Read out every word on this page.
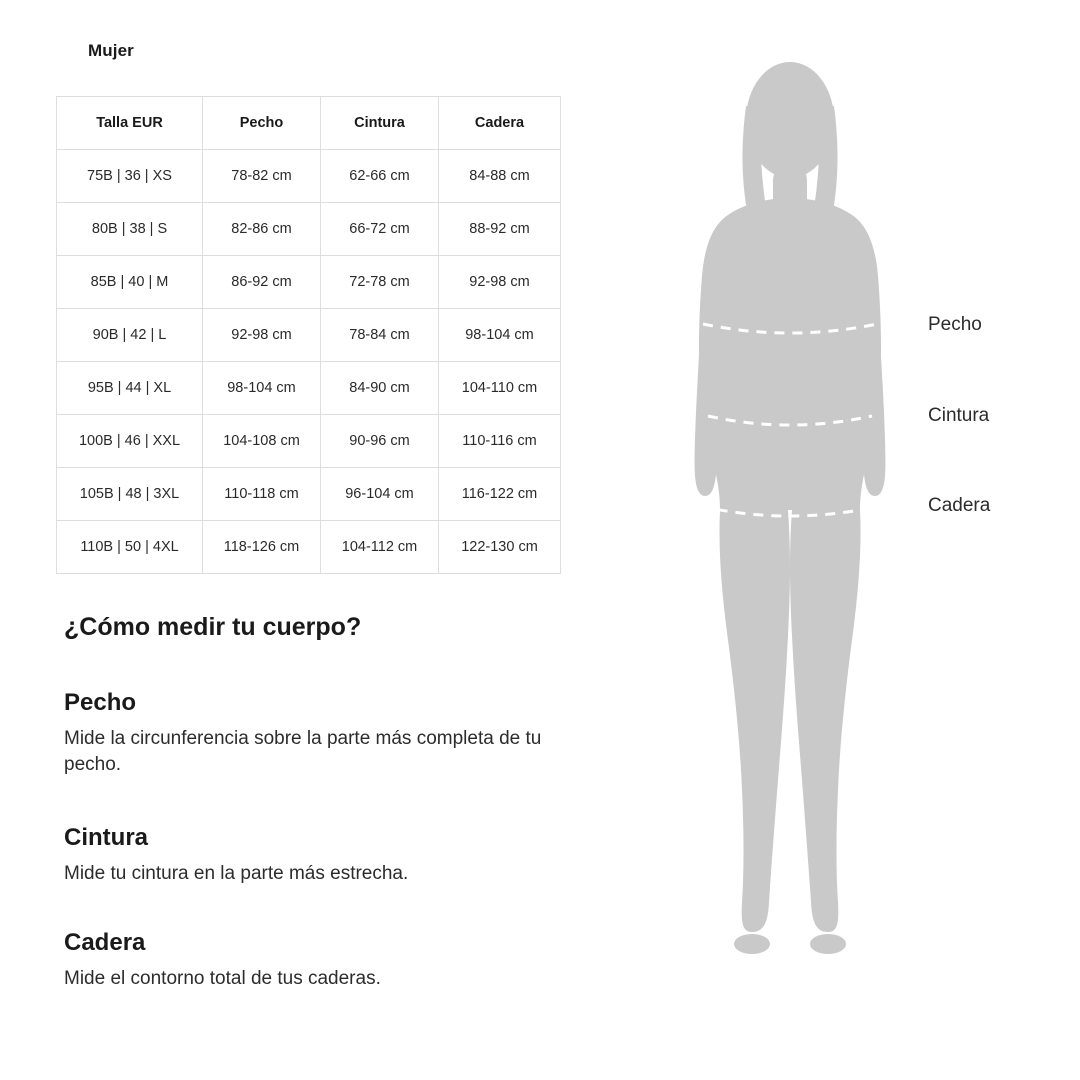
Mujer
Talla EUR	Pecho	Cintura	Cadera
75B | 36 | XS	78-82 cm	62-66 cm	84-88 cm
80B | 38 | S	82-86 cm	66-72 cm	88-92 cm
85B | 40 | M	86-92 cm	72-78 cm	92-98 cm
90B | 42 | L	92-98 cm	78-84 cm	98-104 cm
95B | 44 | XL	98-104 cm	84-90 cm	104-110 cm
100B | 46 | XXL	104-108 cm	90-96 cm	110-116 cm
105B | 48 | 3XL	110-118 cm	96-104 cm	116-122 cm
110B | 50 | 4XL	118-126 cm	104-112 cm	122-130 cm
¿Cómo medir tu cuerpo?

Pecho

Mide la circunferencia sobre la parte más completa de tu pecho.

Cintura

Mide tu cintura en la parte más estrecha.

Cadera

Mide el contorno total de tus caderas.

Pecho
Cintura
Cadera
